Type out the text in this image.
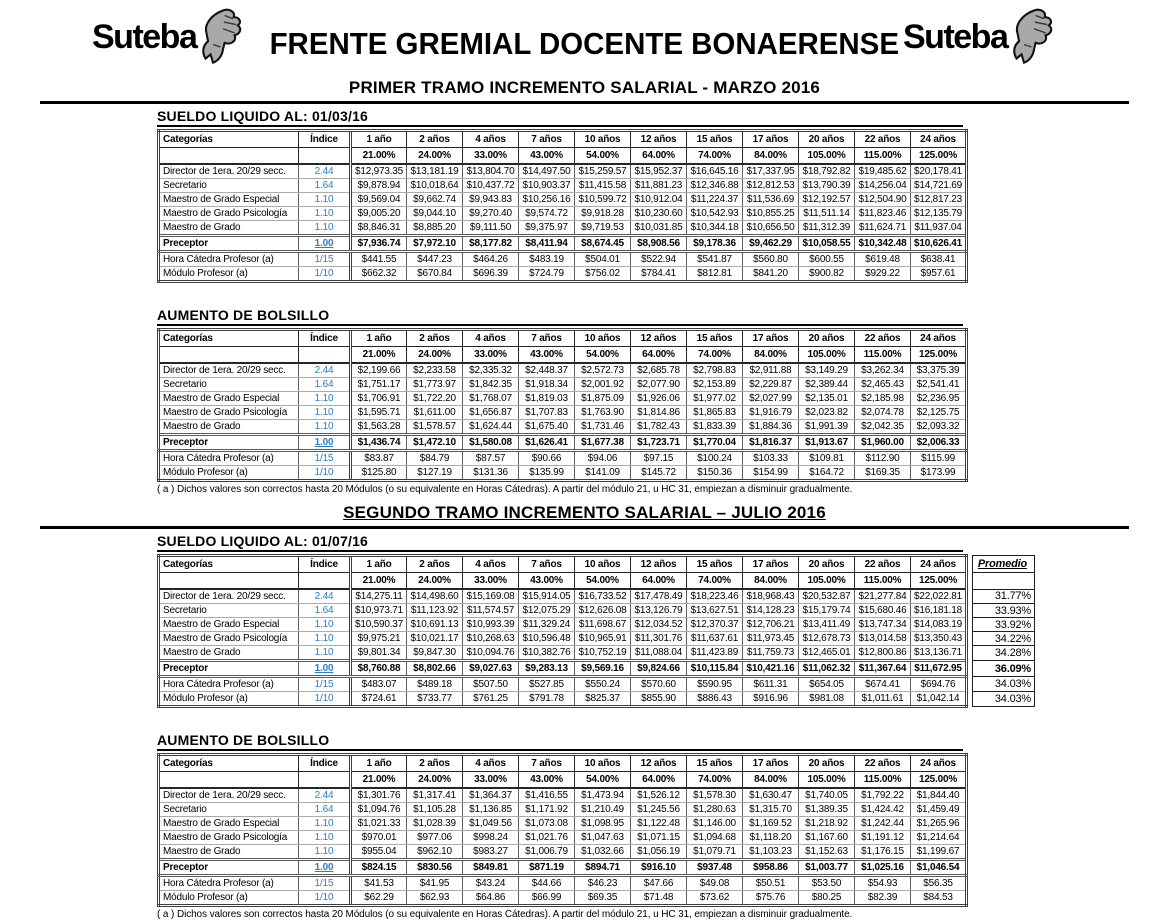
Suteba	FRENTE GREMIAL DOCENTE BONAERENSE Suteba
PRIMER TRAMO INCREMENTO SALARIAL - MARZO 2016
SUELDO LIQUIDO AL: 01/03/16
Categorías	Índice	1 año	2 años	4 años	7 años	10 años	12 años	15 años	17 años	20 años	22 años	24 años
		21.00%	24.00%	33.00%	43.00%	54.00%	64.00%	74.00%	84.00%	105.00%	115.00%	125.00%
Director de 1era. 20/29 secc.	2.44	$12,973.35	$13,181.19	$13,804.70	$14,497.50	$15,259.57	$15,952.37	$16,645.16	$17,337.95	$18,792.82	$19,485.62	$20,178.41
Secretario	1.64	$9,878.94	$10,018.64	$10,437.72	$10,903.37	$11,415.58	$11,881.23	$12,346.88	$12,812.53	$13,790.39	$14,256.04	$14,721.69
Maestro de Grado Especial	1.10	$9,569.04	$9,662.74	$9,943.83	$10,256.16	$10,599.72	$10,912.04	$11,224.37	$11,536.69	$12,192.57	$12,504.90	$12,817.23
Maestro de Grado Psicología	1.10	$9,005.20	$9,044.10	$9,270.40	$9,574.72	$9,918.28	$10,230.60	$10,542.93	$10,855.25	$11,511.14	$11,823.46	$12,135.79
Maestro de Grado	1.10	$8,846.31	$8,885.20	$9,111.50	$9,375.97	$9,719.53	$10,031.85	$10,344.18	$10,656.50	$11,312.39	$11,624.71	$11,937.04
Preceptor	1.00	$7,936.74	$7,972.10	$8,177.82	$8,411.94	$8,674.45	$8,908.56	$9,178.36	$9,462.29	$10,058.55	$10,342.48	$10,626.41
Hora Cátedra Profesor (a)	1/15	$441.55	$447.23	$464.26	$483.19	$504.01	$522.94	$541.87	$560.80	$600.55	$619.48	$638.41
Módulo Profesor (a)	1/10	$662.32	$670.84	$696.39	$724.79	$756.02	$784.41	$812.81	$841.20	$900.82	$929.22	$957.61
AUMENTO DE BOLSILLO
Categorías	Índice	1 año	2 años	4 años	7 años	10 años	12 años	15 años	17 años	20 años	22 años	24 años
		21.00%	24.00%	33.00%	43.00%	54.00%	64.00%	74.00%	84.00%	105.00%	115.00%	125.00%
Director de 1era. 20/29 secc.	2.44	$2,199.66	$2,233.58	$2,335.32	$2,448.37	$2,572.73	$2,685.78	$2,798.83	$2,911.88	$3,149.29	$3,262.34	$3,375.39
Secretario	1.64	$1,751.17	$1,773.97	$1,842.35	$1,918.34	$2,001.92	$2,077.90	$2,153.89	$2,229.87	$2,389.44	$2,465.43	$2,541.41
Maestro de Grado Especial	1.10	$1,706.91	$1,722.20	$1,768.07	$1,819.03	$1,875.09	$1,926.06	$1,977.02	$2,027.99	$2,135.01	$2,185.98	$2,236.95
Maestro de Grado Psicología	1.10	$1,595.71	$1,611.00	$1,656.87	$1,707.83	$1,763.90	$1,814.86	$1,865.83	$1,916.79	$2,023.82	$2,074.78	$2,125.75
Maestro de Grado	1.10	$1,563.28	$1,578.57	$1,624.44	$1,675.40	$1,731.46	$1,782.43	$1,833.39	$1,884.36	$1,991.39	$2,042.35	$2,093.32
Preceptor	1.00	$1,436.74	$1,472.10	$1,580.08	$1,626.41	$1,677.38	$1,723.71	$1,770.04	$1,816.37	$1,913.67	$1,960.00	$2,006.33
Hora Cátedra Profesor (a)	1/15	$83.87	$84.79	$87.57	$90.66	$94.06	$97.15	$100.24	$103.33	$109.81	$112.90	$115.99
Módulo Profesor (a)	1/10	$125.80	$127.19	$131.36	$135.99	$141.09	$145.72	$150.36	$154.99	$164.72	$169.35	$173.99
( a ) Dichos valores son correctos hasta 20 Módulos (o su equivalente en Horas Cátedras). A partir del módulo 21, u HC 31, empiezan a disminuir gradualmente.
SEGUNDO TRAMO INCREMENTO SALARIAL – JULIO 2016
SUELDO LIQUIDO AL: 01/07/16
Categorías	Índice	1 año	2 años	4 años	7 años	10 años	12 años	15 años	17 años	20 años	22 años	24 años		Promedio
		21.00%	24.00%	33.00%	43.00%	54.00%	64.00%	74.00%	84.00%	105.00%	115.00%	125.00%		
Director de 1era. 20/29 secc.	2.44	$14,275.11	$14,498.60	$15,169.08	$15,914.05	$16,733.52	$17,478.49	$18,223.46	$18,968.43	$20,532.87	$21,277.84	$22,022.81		31.77%
Secretario	1.64	$10,973.71	$11,123.92	$11,574.57	$12,075.29	$12,626.08	$13,126.79	$13,627.51	$14,128.23	$15,179.74	$15,680.46	$16,181.18		33.93%
Maestro de Grado Especial	1.10	$10,590.37	$10,691.13	$10,993.39	$11,329.24	$11,698.67	$12,034.52	$12,370.37	$12,706.21	$13,411.49	$13,747.34	$14,083.19		33.92%
Maestro de Grado Psicología	1.10	$9,975.21	$10,021.17	$10,268.63	$10,596.48	$10,965.91	$11,301.76	$11,637.61	$11,973.45	$12,678.73	$13,014.58	$13,350.43		34.22%
Maestro de Grado	1.10	$9,801.34	$9,847.30	$10,094.76	$10,382.76	$10,752.19	$11,088.04	$11,423.89	$11,759.73	$12,465.01	$12,800.86	$13,136.71		34.28%
Preceptor	1.00	$8,760.88	$8,802.66	$9,027.63	$9,283.13	$9,569.16	$9,824.66	$10,115.84	$10,421.16	$11,062.32	$11,367.64	$11,672.95		36.09%
Hora Cátedra Profesor (a)	1/15	$483.07	$489.18	$507.50	$527.85	$550.24	$570.60	$590.95	$611.31	$654.05	$674.41	$694.76		34.03%
Módulo Profesor (a)	1/10	$724.61	$733.77	$761.25	$791.78	$825.37	$855.90	$886.43	$916.96	$981.08	$1,011.61	$1,042.14		34.03%
AUMENTO DE BOLSILLO
Categorías	Índice	1 año	2 años	4 años	7 años	10 años	12 años	15 años	17 años	20 años	22 años	24 años
		21.00%	24.00%	33.00%	43.00%	54.00%	64.00%	74.00%	84.00%	105.00%	115.00%	125.00%
Director de 1era. 20/29 secc.	2.44	$1,301.76	$1,317.41	$1,364.37	$1,416.55	$1,473.94	$1,526.12	$1,578.30	$1,630.47	$1,740.05	$1,792.22	$1,844.40
Secretario	1.64	$1,094.76	$1,105.28	$1,136.85	$1,171.92	$1,210.49	$1,245.56	$1,280.63	$1,315.70	$1,389.35	$1,424.42	$1,459.49
Maestro de Grado Especial	1.10	$1,021.33	$1,028.39	$1,049.56	$1,073.08	$1,098.95	$1,122.48	$1,146.00	$1,169.52	$1,218.92	$1,242.44	$1,265.96
Maestro de Grado Psicología	1.10	$970.01	$977.06	$998.24	$1,021.76	$1,047.63	$1,071.15	$1,094.68	$1,118.20	$1,167.60	$1,191.12	$1,214.64
Maestro de Grado	1.10	$955.04	$962.10	$983.27	$1,006.79	$1,032.66	$1,056.19	$1,079.71	$1,103.23	$1,152.63	$1,176.15	$1,199.67
Preceptor	1.00	$824.15	$830.56	$849.81	$871.19	$894.71	$916.10	$937.48	$958.86	$1,003.77	$1,025.16	$1,046.54
Hora Cátedra Profesor (a)	1/15	$41.53	$41.95	$43.24	$44.66	$46.23	$47.66	$49.08	$50.51	$53.50	$54.93	$56.35
Módulo Profesor (a)	1/10	$62.29	$62.93	$64.86	$66.99	$69.35	$71.48	$73.62	$75.76	$80.25	$82.39	$84.53
( a ) Dichos valores son correctos hasta 20 Módulos (o su equivalente en Horas Cátedras). A partir del módulo 21, u HC 31, empiezan a disminuir gradualmente.
